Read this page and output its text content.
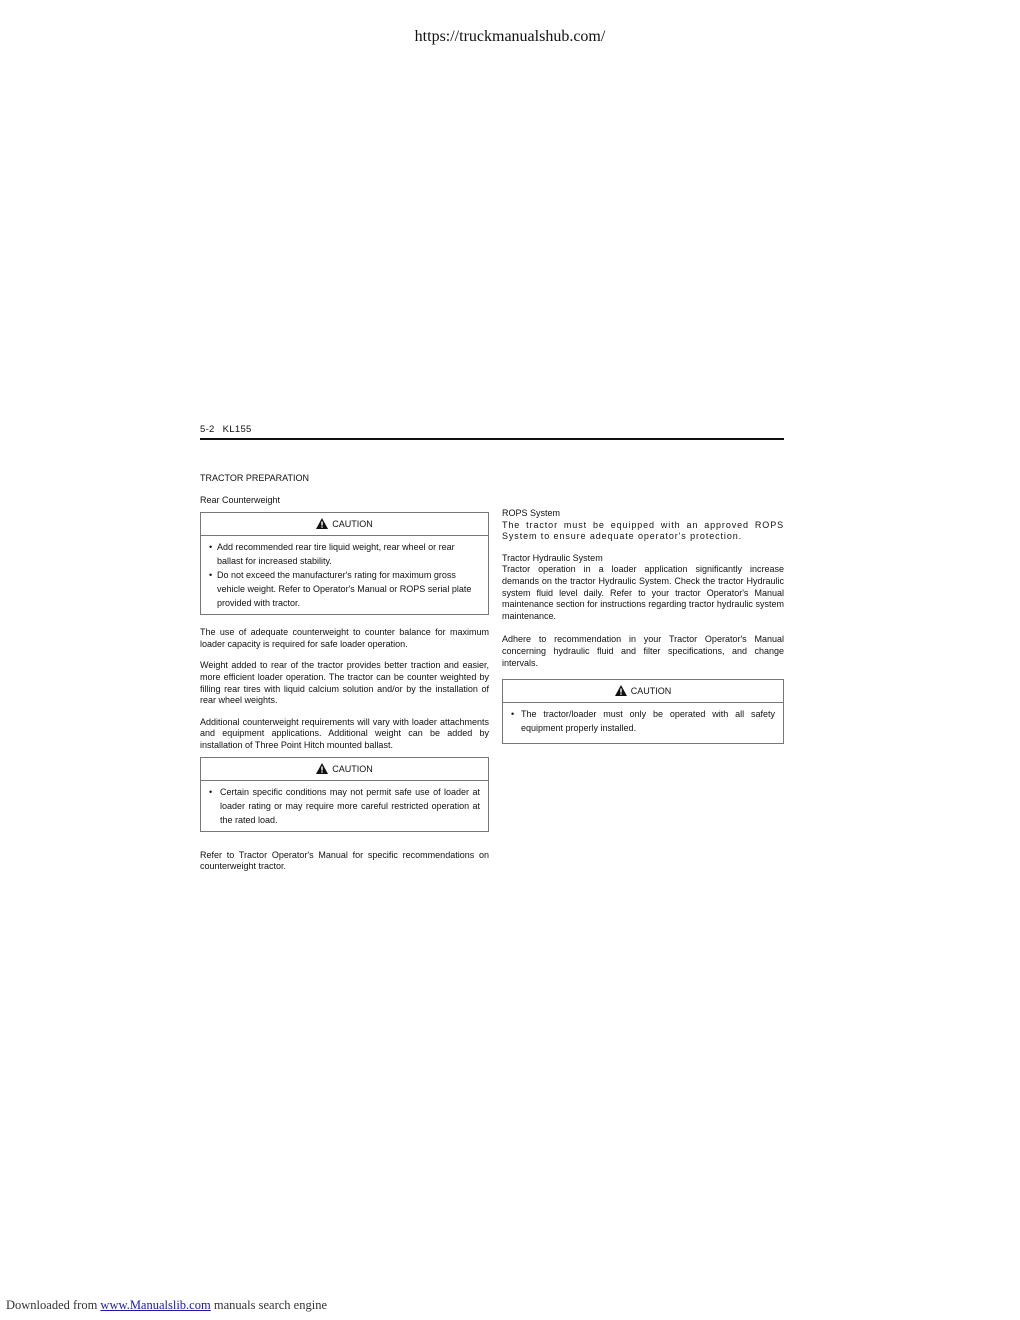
https://truckmanualshub.com/
Downloaded from www.Manualslib.com manuals search engine
5-2 KL155
TRACTOR PREPARATION
Rear Counterweight
CAUTION
• Add recommended rear tire liquid weight, rear wheel or rear ballast for increased stability.
• Do not exceed the manufacturer's rating for maximum gross vehicle weight. Refer to Operator's Manual or ROPS serial plate provided with tractor.

The use of adequate counterweight to counter balance for maximum loader capacity is required for safe loader operation.

Weight added to rear of the tractor provides better traction and easier, more efficient loader operation. The tractor can be counter weighted by filling rear tires with liquid calcium solution and/or by the installation of rear wheel weights.

Additional counterweight requirements will vary with loader attachments and equipment applications. Additional weight can be added by installation of Three Point Hitch mounted ballast.

CAUTION
• Certain specific conditions may not permit safe use of loader at loader rating or may require more careful restricted operation at the rated load.

Refer to Tractor Operator's Manual for specific recommendations on counterweight tractor.

ROPS System

The tractor must be equipped with an approved ROPS System to ensure adequate operator's protection.

Tractor Hydraulic System

Tractor operation in a loader application significantly increase demands on the tractor Hydraulic System. Check the tractor Hydraulic system fluid level daily. Refer to your tractor Operator's Manual maintenance section for instructions regarding tractor hydraulic system maintenance.

Adhere to recommendation in your Tractor Operator's Manual concerning hydraulic fluid and filter specifications, and change intervals.

CAUTION
• The tractor/loader must only be operated with all safety equipment properly installed.
